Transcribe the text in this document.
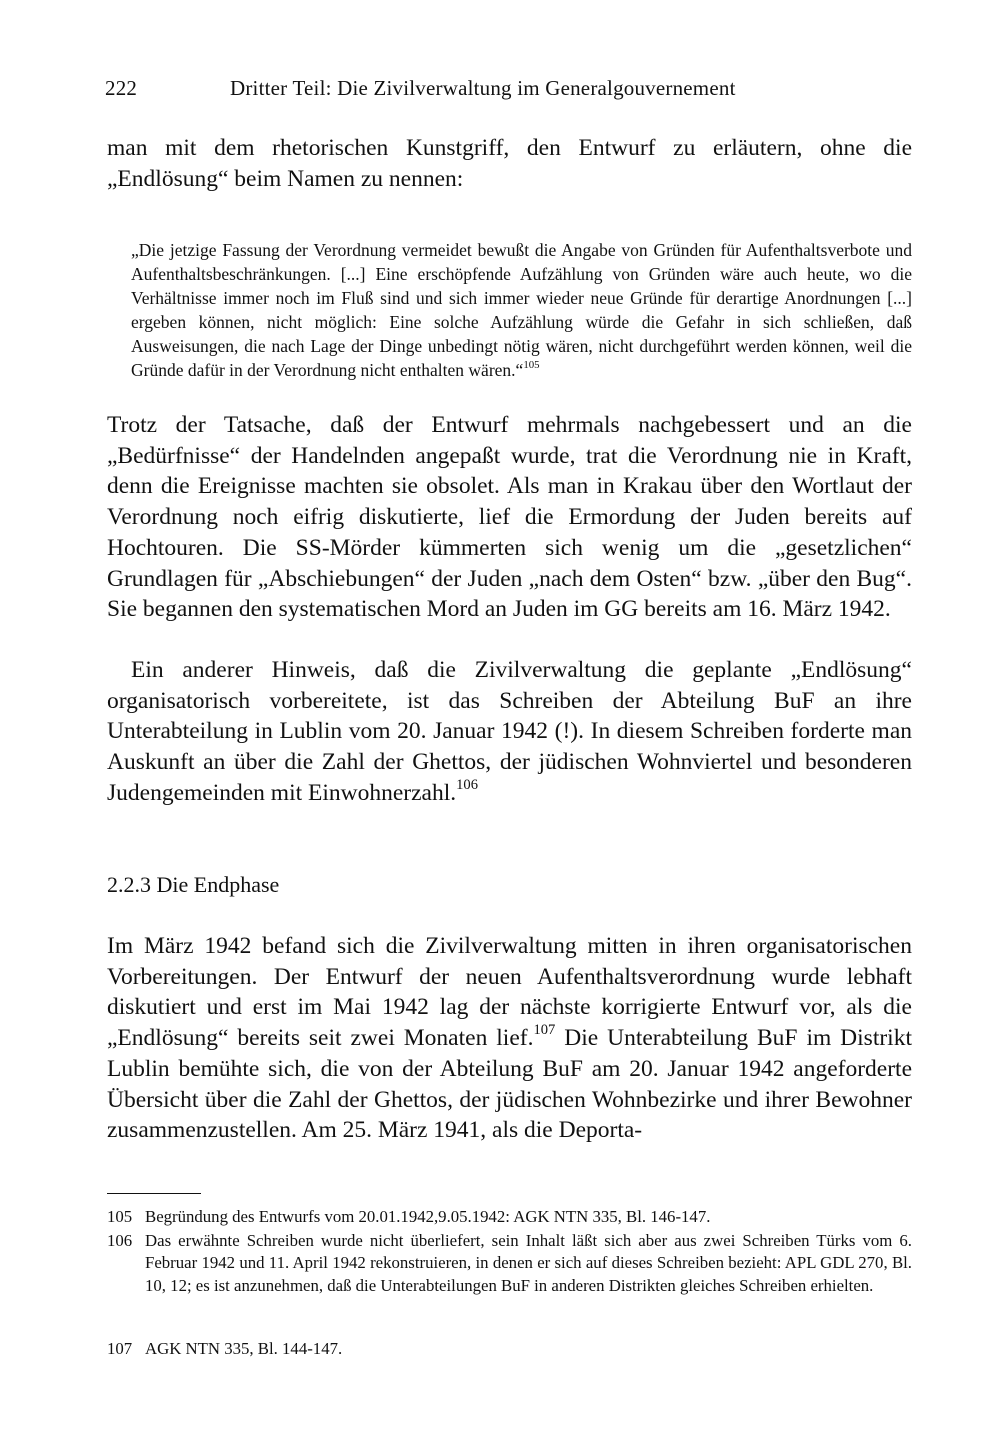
222	Dritter Teil: Die Zivilverwaltung im Generalgouvernement

man mit dem rhetorischen Kunstgriff, den Entwurf zu erläutern, ohne die „Endlösung“ beim Namen zu nennen:

„Die jetzige Fassung der Verordnung vermeidet bewußt die Angabe von Gründen für Aufenthaltsverbote und Aufenthaltsbeschränkungen. [...] Eine erschöpfende Aufzählung von Gründen wäre auch heute, wo die Verhältnisse immer noch im Fluß sind und sich immer wieder neue Gründe für derartige Anordnungen [...] ergeben können, nicht möglich: Eine solche Aufzählung würde die Gefahr in sich schließen, daß Ausweisungen, die nach Lage der Dinge unbedingt nötig wären, nicht durchgeführt werden können, weil die Gründe dafür in der Verordnung nicht enthalten wären.“$^{105}$

Trotz der Tatsache, daß der Entwurf mehrmals nachgebessert und an die „Bedürfnisse“ der Handelnden angepaßt wurde, trat die Verordnung nie in Kraft, denn die Ereignisse machten sie obsolet. Als man in Krakau über den Wortlaut der Verordnung noch eifrig diskutierte, lief die Ermordung der Juden bereits auf Hochtouren. Die SS-Mörder kümmerten sich wenig um die „gesetzlichen“ Grundlagen für „Abschiebungen“ der Juden „nach dem Osten“ bzw. „über den Bug“. Sie begannen den systematischen Mord an Juden im GG bereits am 16. März 1942.

Ein anderer Hinweis, daß die Zivilverwaltung die geplante „Endlösung“ organisatorisch vorbereitete, ist das Schreiben der Abteilung BuF an ihre Unterabteilung in Lublin vom 20. Januar 1942 (!). In diesem Schreiben forderte man Auskunft an über die Zahl der Ghettos, der jüdischen Wohnviertel und besonderen Judengemeinden mit Einwohnerzahl.$^{106}$

2.2.3 Die Endphase

Im März 1942 befand sich die Zivilverwaltung mitten in ihren organisatorischen Vorbereitungen. Der Entwurf der neuen Aufenthaltsverordnung wurde lebhaft diskutiert und erst im Mai 1942 lag der nächste korrigierte Entwurf vor, als die „Endlösung“ bereits seit zwei Monaten lief.$^{107}$ Die Unterabteilung BuF im Distrikt Lublin bemühte sich, die von der Abteilung BuF am 20. Januar 1942 angeforderte Übersicht über die Zahl der Ghettos, der jüdischen Wohnbezirke und ihrer Bewohner zusammenzustellen. Am 25. März 1941, als die Deporta-

105 Begründung des Entwurfs vom 20.01.1942,9.05.1942: AGK NTN 335, Bl. 146-147.
106 Das erwähnte Schreiben wurde nicht überliefert, sein Inhalt läßt sich aber aus zwei Schreiben Türks vom 6. Februar 1942 und 11. April 1942 rekonstruieren, in denen er sich auf dieses Schreiben bezieht: APL GDL 270, Bl. 10, 12; es ist anzunehmen, daß die Unterabteilungen BuF in anderen Distrikten gleiches Schreiben erhielten.
107 AGK NTN 335, Bl. 144-147.
